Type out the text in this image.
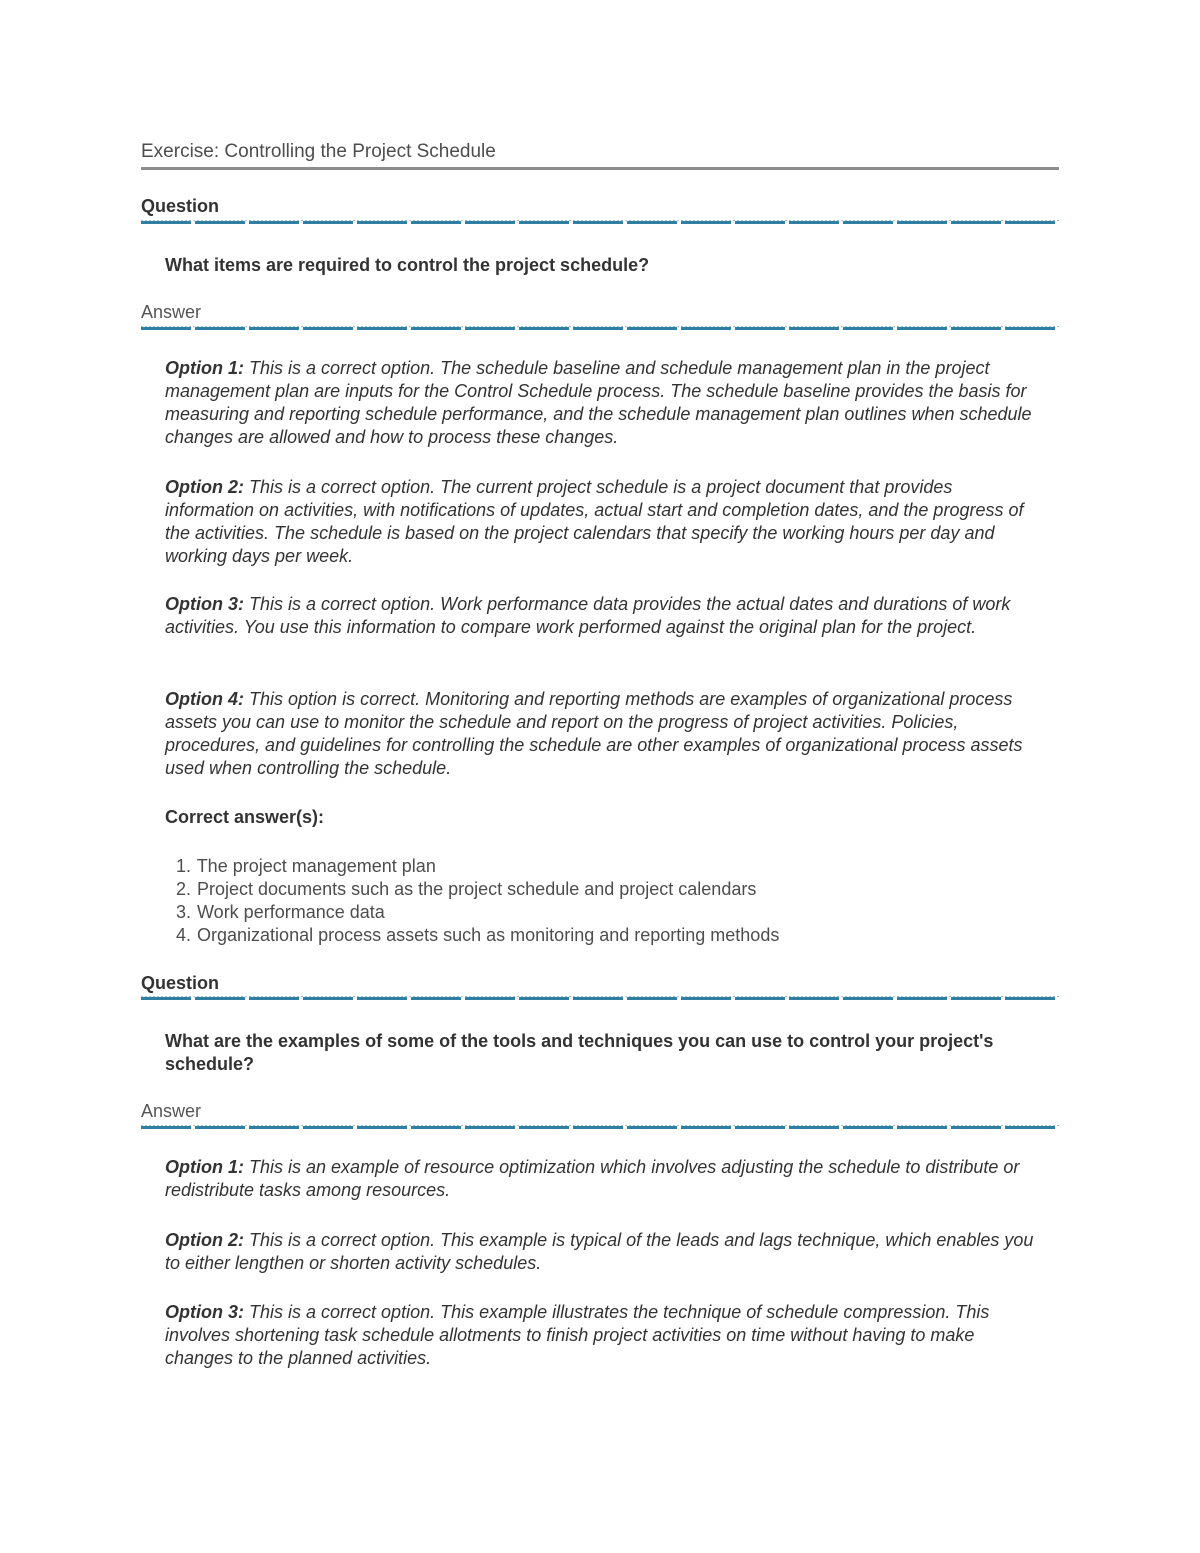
Exercise: Controlling the Project Schedule
Question
What items are required to control the project schedule?
Answer
Option 1: This is a correct option. The schedule baseline and schedule management plan in the project management plan are inputs for the Control Schedule process. The schedule baseline provides the basis for measuring and reporting schedule performance, and the schedule management plan outlines when schedule changes are allowed and how to process these changes.
Option 2: This is a correct option. The current project schedule is a project document that provides information on activities, with notifications of updates, actual start and completion dates, and the progress of the activities. The schedule is based on the project calendars that specify the working hours per day and working days per week.
Option 3: This is a correct option. Work performance data provides the actual dates and durations of work activities. You use this information to compare work performed against the original plan for the project.
Option 4: This option is correct. Monitoring and reporting methods are examples of organizational process assets you can use to monitor the schedule and report on the progress of project activities. Policies, procedures, and guidelines for controlling the schedule are other examples of organizational process assets used when controlling the schedule.
Correct answer(s):
1. The project management plan
2. Project documents such as the project schedule and project calendars
3. Work performance data
4. Organizational process assets such as monitoring and reporting methods
Question
What are the examples of some of the tools and techniques you can use to control your project's schedule?
Answer
Option 1: This is an example of resource optimization which involves adjusting the schedule to distribute or redistribute tasks among resources.
Option 2: This is a correct option. This example is typical of the leads and lags technique, which enables you to either lengthen or shorten activity schedules.
Option 3: This is a correct option. This example illustrates the technique of schedule compression. This involves shortening task schedule allotments to finish project activities on time without having to make changes to the planned activities.
